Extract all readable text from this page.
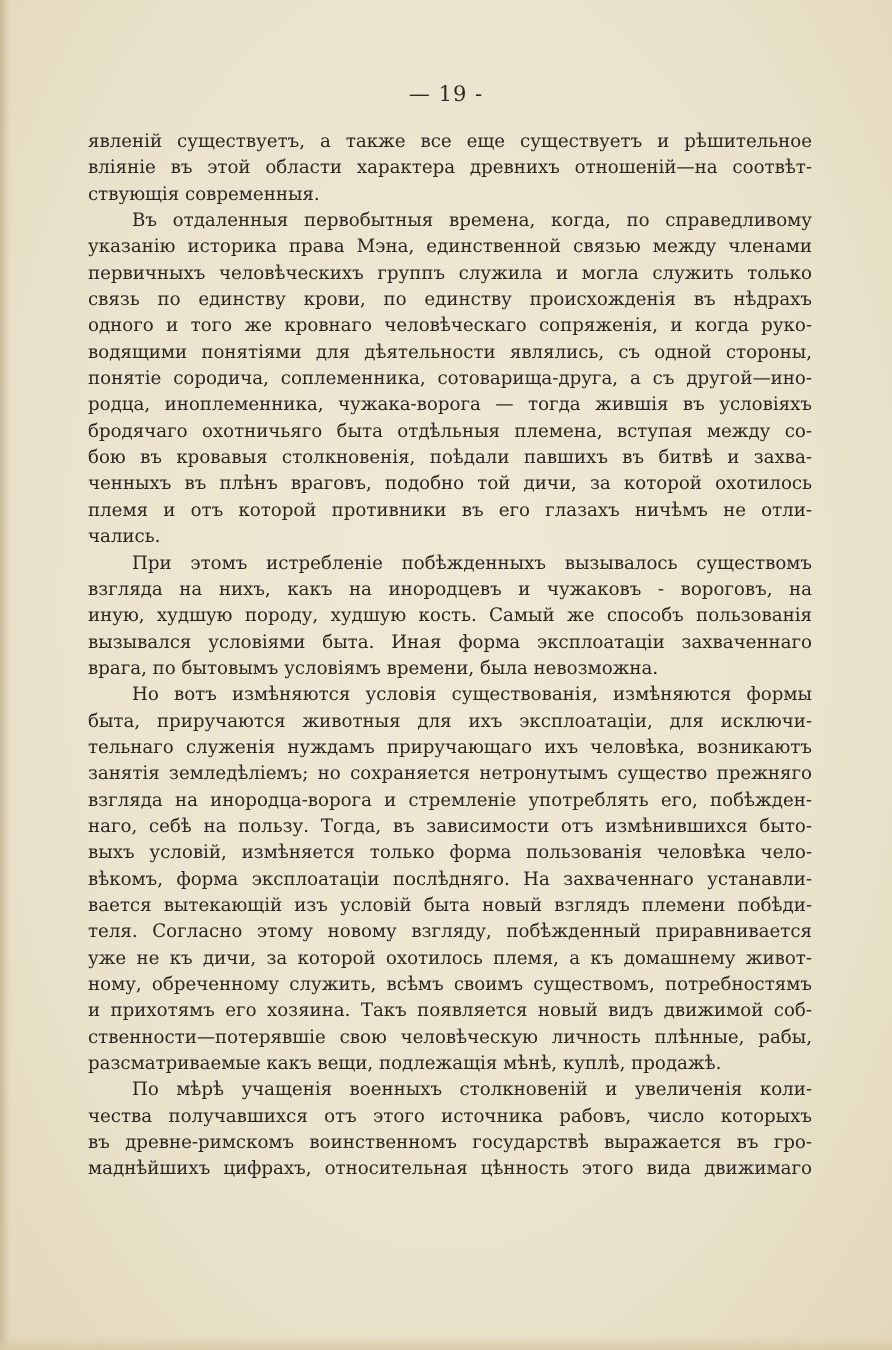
— 19 -
явленій существуетъ, а также все еще существуетъ и рѣшительное
вліяніе въ этой области характера древнихъ отношеній—на соотвѣт-
ствующія современныя.
Въ отдаленныя первобытныя времена, когда, по справедливому
указанію историка права Мэна, единственной связью между членами
первичныхъ человѣческихъ группъ служила и могла служить только
связь по единству крови, по единству происхожденія въ нѣдрахъ
одного и того же кровнаго человѣческаго сопряженія, и когда руко-
водящими понятіями для дѣятельности являлись, съ одной стороны,
понятіе сородича, соплеменника, сотоварища-друга, а съ другой—ино-
родца, иноплеменника, чужака-ворога — тогда жившія въ условіяхъ
бродячаго охотничьяго быта отдѣльныя племена, вступая между со-
бою въ кровавыя столкновенія, поѣдали павшихъ въ битвѣ и захва-
ченныхъ въ плѣнъ враговъ, подобно той дичи, за которой охотилось
племя и отъ которой противники въ его глазахъ ничѣмъ не отли-
чались.
При этомъ истребленіе побѣжденныхъ вызывалось существомъ
взгляда на нихъ, какъ на инородцевъ и чужаковъ - вороговъ, на
иную, худшую породу, худшую кость. Самый же способъ пользованія
вызывался условіями быта. Иная форма эксплоатаціи захваченнаго
врага, по бытовымъ условіямъ времени, была невозможна.
Но вотъ измѣняются условія существованія, измѣняются формы
быта, приручаются животныя для ихъ эксплоатаціи, для исключи-
тельнаго служенія нуждамъ приручающаго ихъ человѣка, возникаютъ
занятія земледѣліемъ; но сохраняется нетронутымъ существо прежняго
взгляда на инородца-ворога и стремленіе употреблять его, побѣжден-
наго, себѣ на пользу. Тогда, въ зависимости отъ измѣнившихся быто-
выхъ условій, измѣняется только форма пользованія человѣка чело-
вѣкомъ, форма эксплоатаціи послѣдняго. На захваченнаго устанавли-
вается вытекающій изъ условій быта новый взглядъ племени побѣди-
теля. Согласно этому новому взгляду, побѣжденный приравнивается
уже не къ дичи, за которой охотилось племя, а къ домашнему живот-
ному, обреченному служить, всѣмъ своимъ существомъ, потребностямъ
и прихотямъ его хозяина. Такъ появляется новый видъ движимой соб-
ственности—потерявшіе свою человѣческую личность плѣнные, рабы,
разсматриваемые какъ вещи, подлежащія мѣнѣ, куплѣ, продажѣ.
По мѣрѣ учащенія военныхъ столкновеній и увеличенія коли-
чества получавшихся отъ этого источника рабовъ, число которыхъ
въ древне-римскомъ воинственномъ государствѣ выражается въ гро-
маднѣйшихъ цифрахъ, относительная цѣнность этого вида движимаго
